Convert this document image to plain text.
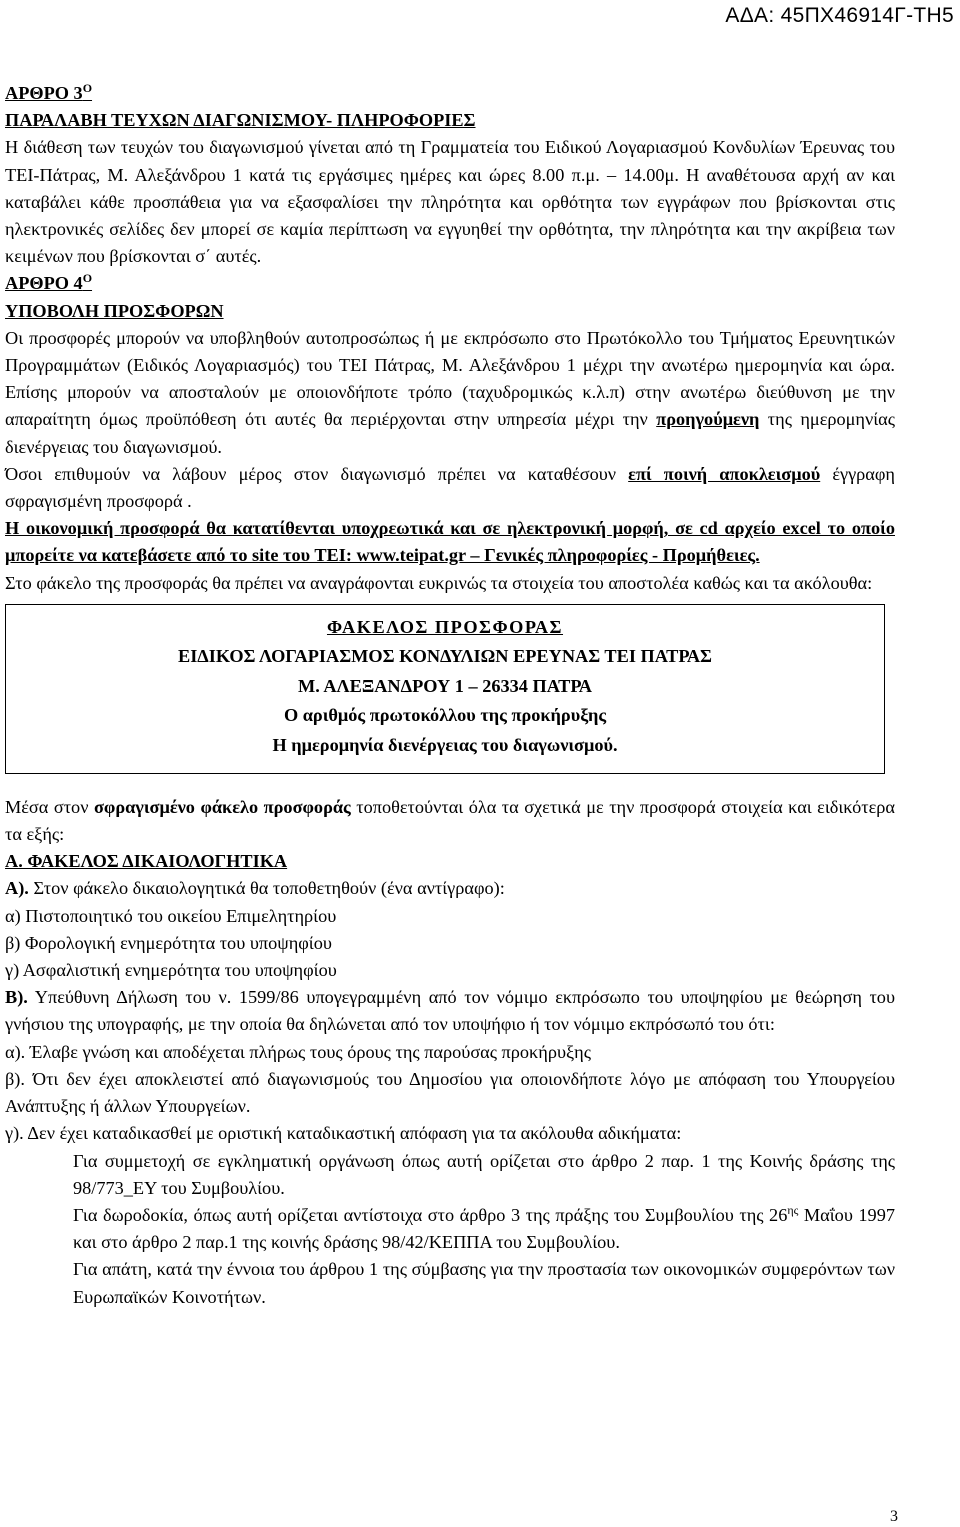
ΑΔΑ: 45ΠΧ46914Γ-ΤΗ5

ΑΡΘΡΟ $3^O$

ΠΑΡΑΛΑΒΗ ΤΕΥΧΩΝ ΔΙΑΓΩΝΙΣΜΟΥ- ΠΛΗΡΟΦΟΡΙΕΣ

Η διάθεση των τευχών του διαγωνισμού γίνεται από τη Γραμματεία του Ειδικού Λογαριασμού Κονδυλίων Έρευνας του ΤΕΙ-Πάτρας, Μ. Αλεξάνδρου 1 κατά τις εργάσιμες ημέρες και ώρες 8.00 π.μ. – 14.00μ. Η αναθέτουσα αρχή αν και καταβάλει κάθε προσπάθεια για να εξασφαλίσει την πληρότητα και ορθότητα των εγγράφων που βρίσκονται στις ηλεκτρονικές σελίδες δεν μπορεί σε καμία περίπτωση να εγγυηθεί την ορθότητα, την πληρότητα και την ακρίβεια των κειμένων που βρίσκονται σ΄ αυτές.

ΑΡΘΡΟ $4^O$

ΥΠΟΒΟΛΗ ΠΡΟΣΦΟΡΩΝ

Οι προσφορές μπορούν να υποβληθούν αυτοπροσώπως ή με εκπρόσωπο στο Πρωτόκολλο του Τμήματος Ερευνητικών Προγραμμάτων (Ειδικός Λογαριασμός) του ΤΕΙ Πάτρας, Μ. Αλεξάνδρου 1 μέχρι την ανωτέρω ημερομηνία και ώρα. Επίσης μπορούν να αποσταλούν με οποιονδήποτε τρόπο (ταχυδρομικώς κ.λ.π) στην ανωτέρω διεύθυνση με την απαραίτητη όμως προϋπόθεση ότι αυτές θα περιέρχονται στην υπηρεσία μέχρι την προηγούμενη της ημερομηνίας διενέργειας του διαγωνισμού.

Όσοι επιθυμούν να λάβουν μέρος στον διαγωνισμό πρέπει να καταθέσουν επί ποινή αποκλεισμού έγγραφη σφραγισμένη προσφορά .

Η οικονομική προσφορά θα κατατίθενται υποχρεωτικά και σε ηλεκτρονική μορφή, σε cd αρχείο excel το οποίο μπορείτε να κατεβάσετε από το site του ΤΕΙ: www.teipat.gr – Γενικές πληροφορίες - Προμήθειες.

Στο φάκελο της προσφοράς θα πρέπει να αναγράφονται ευκρινώς τα στοιχεία του αποστολέα καθώς και τα ακόλουθα:

ΦΑΚΕΛΟΣ ΠΡΟΣΦΟΡΑΣ

ΕΙΔΙΚΟΣ ΛΟΓΑΡΙΑΣΜΟΣ ΚΟΝΔΥΛΙΩΝ ΕΡΕΥΝΑΣ ΤΕΙ ΠΑΤΡΑΣ

Μ. ΑΛΕΞΑΝΔΡΟΥ 1 – 26334 ΠΑΤΡΑ

Ο αριθμός πρωτοκόλλου της προκήρυξης

Η ημερομηνία διενέργειας του διαγωνισμού.

Μέσα στον σφραγισμένο φάκελο προσφοράς τοποθετούνται όλα τα σχετικά με την προσφορά στοιχεία και ειδικότερα τα εξής:

Α. ΦΑΚΕΛΟΣ ΔΙΚΑΙΟΛΟΓΗΤΙΚΑ

Α). Στον φάκελο δικαιολογητικά θα τοποθετηθούν (ένα αντίγραφο):

α) Πιστοποιητικό του οικείου Επιμελητηρίου

β) Φορολογική ενημερότητα του υποψηφίου

γ) Ασφαλιστική ενημερότητα του υποψηφίου

Β). Υπεύθυνη Δήλωση του ν. 1599/86 υπογεγραμμένη από τον νόμιμο εκπρόσωπο του υποψηφίου με θεώρηση του γνήσιου της υπογραφής, με την οποία θα δηλώνεται από τον υποψήφιο ή τον νόμιμο εκπρόσωπό του ότι:

α). Έλαβε γνώση και αποδέχεται πλήρως τους όρους της παρούσας προκήρυξης

β). Ότι δεν έχει αποκλειστεί από διαγωνισμούς του Δημοσίου για οποιονδήποτε λόγο με απόφαση του Υπουργείου Ανάπτυξης ή άλλων Υπουργείων.

γ). Δεν έχει καταδικασθεί με οριστική καταδικαστική απόφαση για τα ακόλουθα αδικήματα:

Για συμμετοχή σε εγκληματική οργάνωση όπως αυτή ορίζεται στο άρθρο 2 παρ. 1 της Κοινής δράσης της 98/773_ΕΥ του Συμβουλίου.

Για δωροδοκία, όπως αυτή ορίζεται αντίστοιχα στο άρθρο 3 της πράξης του Συμβουλίου της $26^{\eta\varsigma}$ Μαΐου 1997 και στο άρθρο 2 παρ.1 της κοινής δράσης 98/42/ΚΕΠΠΑ του Συμβουλίου.

Για απάτη, κατά την έννοια του άρθρου 1 της σύμβασης για την προστασία των οικονομικών συμφερόντων των Ευρωπαϊκών Κοινοτήτων.

3
